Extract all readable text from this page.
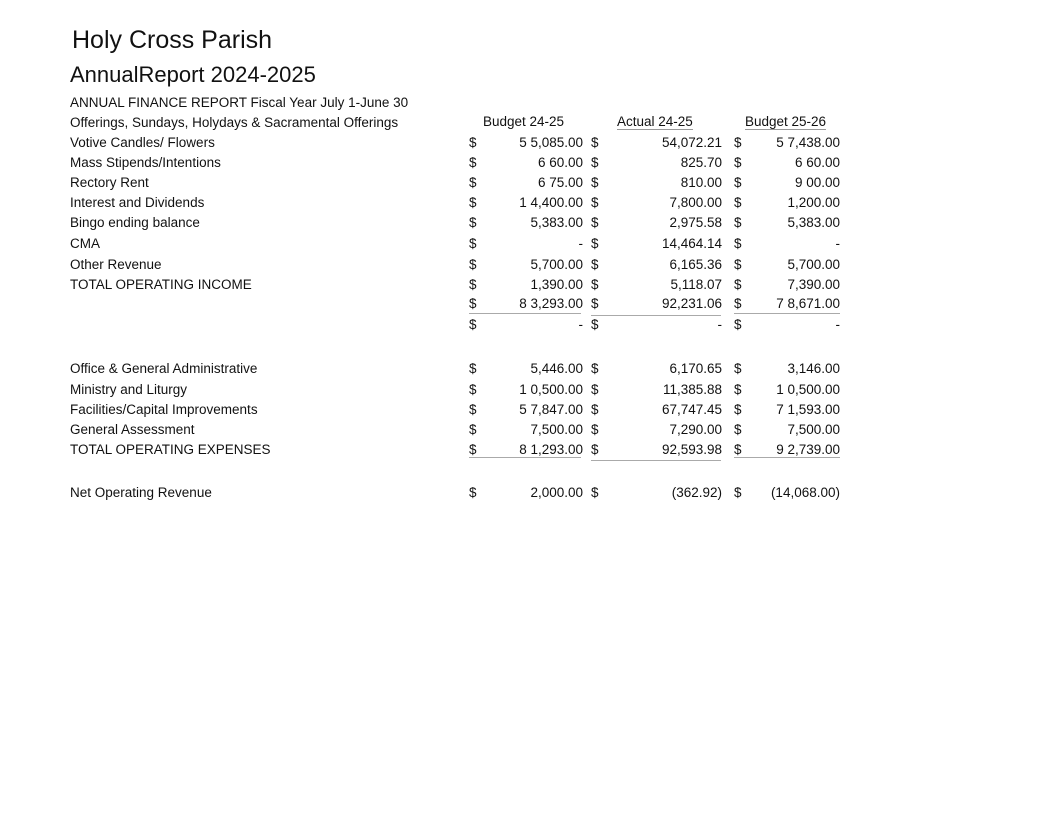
Holy Cross Parish
AnnualReport 2024-2025
ANNUAL FINANCE REPORT Fiscal Year July 1-June 30
Offerings, Sundays, Holydays & Sacramental Offerings	Budget 24-25	Actual 24-25	Budget 25-26
Votive Candles/ Flowers	$	5 5,085.00 $	54,072.21 $	5 7,438.00
Mass Stipends/Intentions	$	6 60.00 $	825.70 $	6 60.00
Rectory Rent	$	6 75.00 $	810.00 $	9 00.00
Interest and Dividends	$	1 4,400.00 $	7,800.00 $	1,200.00
Bingo ending balance	$	5,383.00 $	2,975.58 $	5,383.00
CMA	$	- $	14,464.14 $	-
Other Revenue	$	5,700.00 $	6,165.36 $	5,700.00
TOTAL OPERATING INCOME	$	1,390.00 $	5,118.07 $	7,390.00
$	8 3,293.00 $	92,231.06 $	7 8,671.00
$	- $	- $	-
Office & General Administrative	$	5,446.00 $	6,170.65 $	3,146.00
Ministry and Liturgy	$	1 0,500.00 $	11,385.88 $	1 0,500.00
Facilities/Capital Improvements	$	5 7,847.00 $	67,747.45 $	7 1,593.00
General Assessment	$	7,500.00 $	7,290.00 $	7,500.00
TOTAL OPERATING EXPENSES	$	8 1,293.00 $	92,593.98 $	9 2,739.00
Net Operating Revenue	$	2,000.00 $	(362.92) $ (14,068.00)
